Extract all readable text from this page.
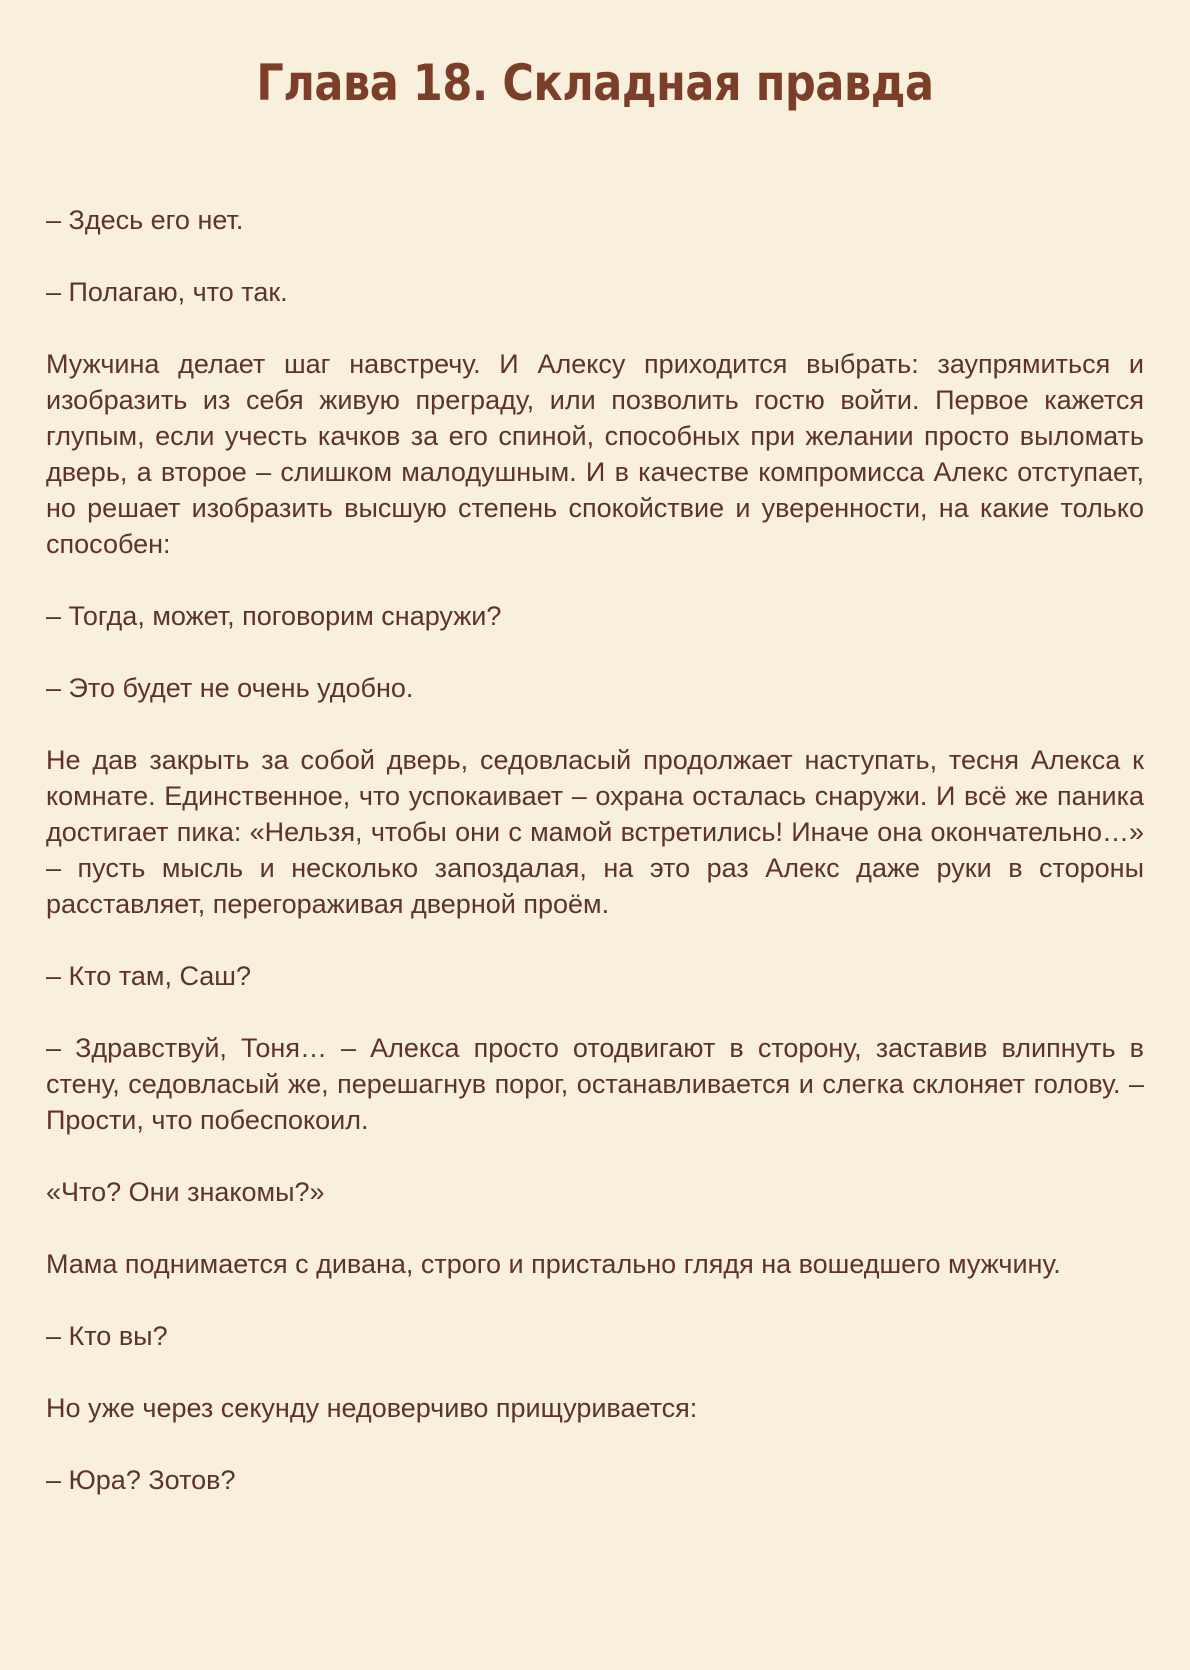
Глава 18. Складная правда

– Здесь его нет.

– Полагаю, что так.

Мужчина делает шаг навстречу. И Алексу приходится выбрать: заупрямиться и изобразить из себя живую преграду, или позволить гостю войти. Первое кажется глупым, если учесть качков за его спиной, способных при желании просто выломать дверь, а второе – слишком малодушным. И в качестве компромисса Алекс отступает, но решает изобразить высшую степень спокойствие и уверенности, на какие только способен:

– Тогда, может, поговорим снаружи?

– Это будет не очень удобно.

Не дав закрыть за собой дверь, седовласый продолжает наступать, тесня Алекса к комнате. Единственное, что успокаивает – охрана осталась снаружи. И всё же паника достигает пика: «Нельзя, чтобы они с мамой встретились! Иначе она окончательно…» – пусть мысль и несколько запоздалая, на это раз Алекс даже руки в стороны расставляет, перегораживая дверной проём.

– Кто там, Саш?

– Здравствуй, Тоня… – Алекса просто отодвигают в сторону, заставив влипнуть в стену, седовласый же, перешагнув порог, останавливается и слегка склоняет голову. – Прости, что побеспокоил.

«Что? Они знакомы?»

Мама поднимается с дивана, строго и пристально глядя на вошедшего мужчину.

– Кто вы?

Но уже через секунду недоверчиво прищуривается:

– Юра? Зотов?
